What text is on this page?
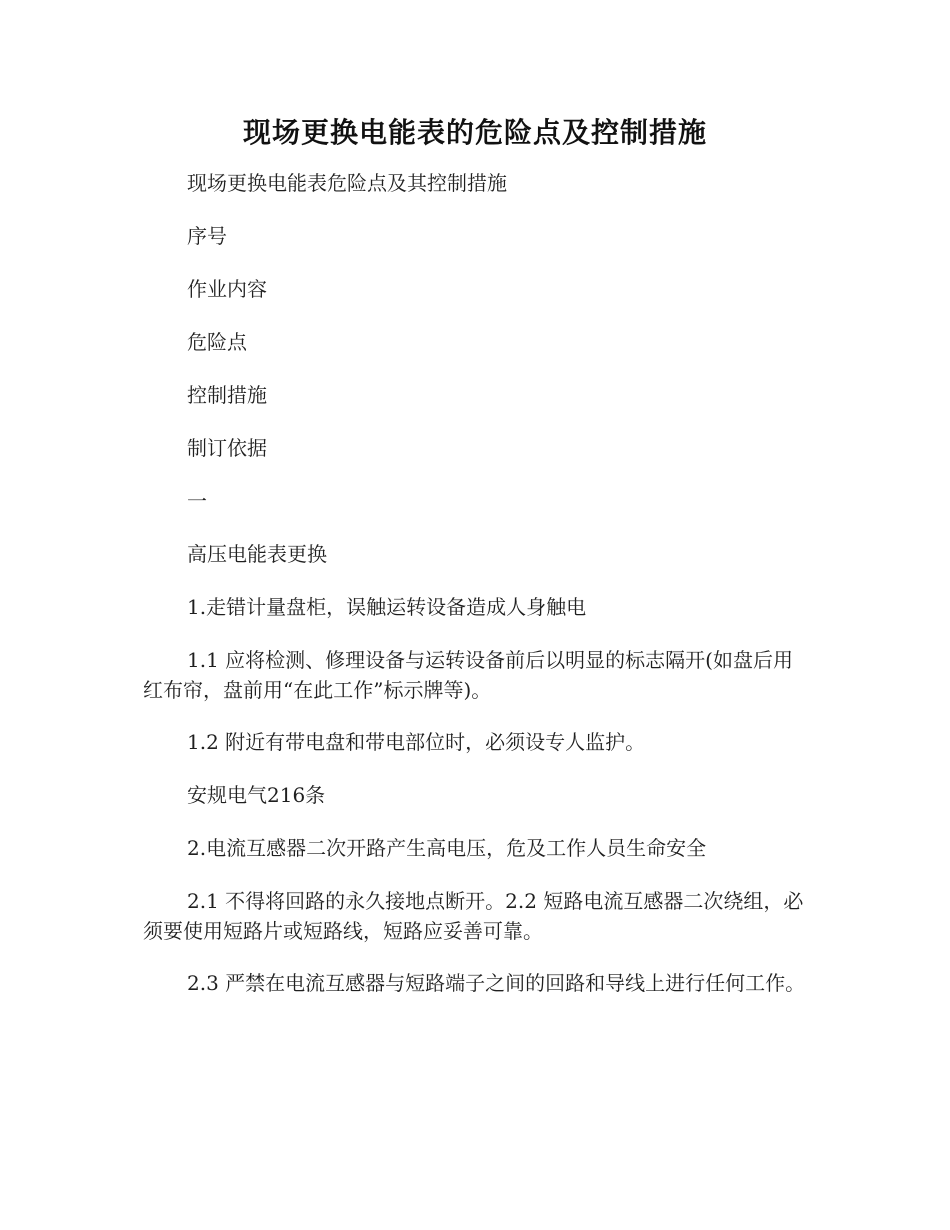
现场更换电能表的危险点及控制措施

现场更换电能表危险点及其控制措施

序号

作业内容

危险点

控制措施

制订依据

一

高压电能表更换

1.走错计量盘柜，误触运转设备造成人身触电

1.1 应将检测、修理设备与运转设备前后以明显的标志隔开(如盘后用红布帘，盘前用“在此工作”标示牌等)。

1.2 附近有带电盘和带电部位时，必须设专人监护。

安规电气216条

2.电流互感器二次开路产生高电压，危及工作人员生命安全

2.1 不得将回路的永久接地点断开。2.2 短路电流互感器二次绕组，必须要使用短路片或短路线，短路应妥善可靠。

2.3 严禁在电流互感器与短路端子之间的回路和导线上进行任何工作。
